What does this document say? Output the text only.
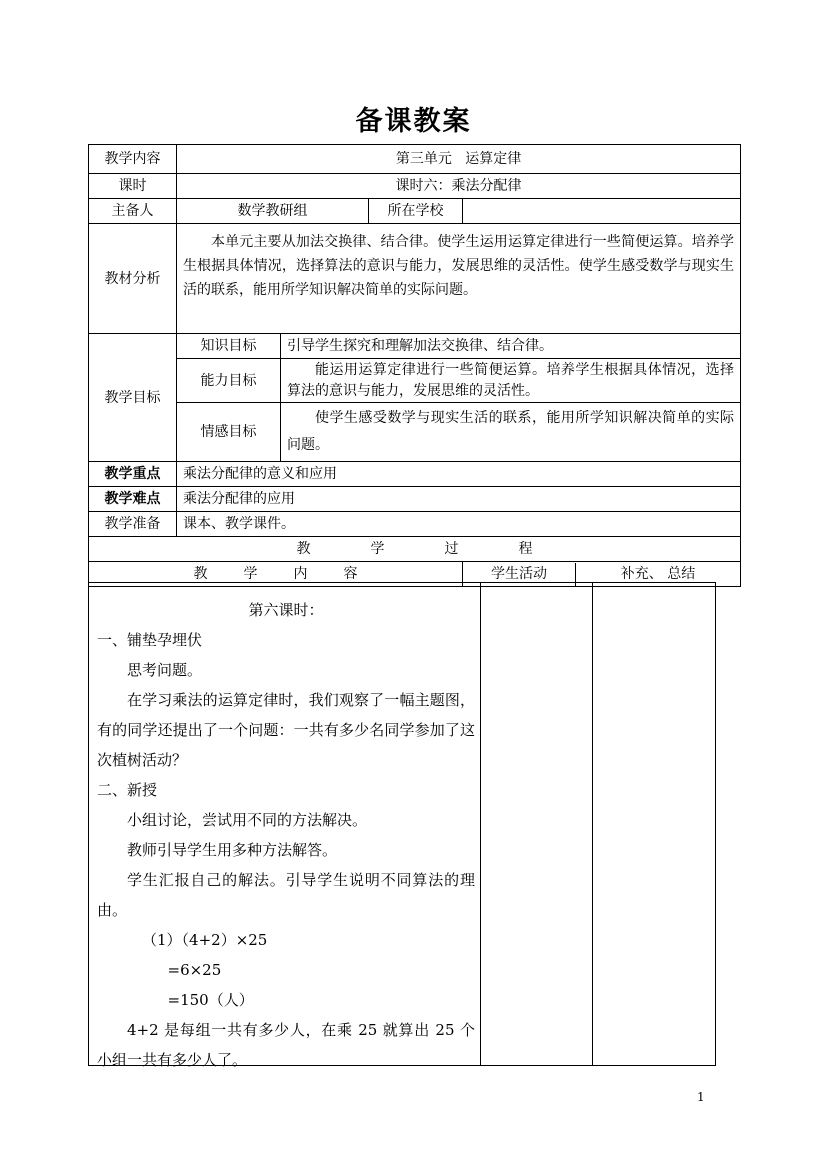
备课教案
教学内容	第三单元   运算定律			
课时	课时六：乘法分配律			
主备人	数学教研组		所在学校	
教材分析	本单元主要从加法交换律、结合律。使学生运用运算定律进行一些简便运算。培养学生根据具体情况，选择算法的意识与能力，发展思维的灵活性。使学生感受数学与现实生活的联系，能用所学知识解决简单的实际问题。			
教学目标	知识目标	引导学生探究和理解加法交换律、结合律。		
	能力目标	能运用运算定律进行一些简便运算。培养学生根据具体情况，选择算法的意识与能力，发展思维的灵活性。		
	情感目标	使学生感受数学与现实生活的联系，能用所学知识解决简单的实际问题。		
教学重点	乘法分配律的意义和应用			
教学难点	乘法分配律的应用			
教学准备	课本、教学课件。			
教 学 过 程				
教 学 内 容				学生活动 补充、 总结

第六课时：

一、铺垫孕埋伏

思考问题。

在学习乘法的运算定律时，我们观察了一幅主题图，有的同学还提出了一个问题：一共有多少名同学参加了这次植树活动？

二、新授

小组讨论，尝试用不同的方法解决。

教师引导学生用多种方法解答。

学生汇报自己的解法。引导学生说明不同算法的理由。

（1）（4+2）×25

=6×25

=150（人）

4+2 是每组一共有多少人，在乘 25 就算出 25 个小组一共有多少人了。

1
